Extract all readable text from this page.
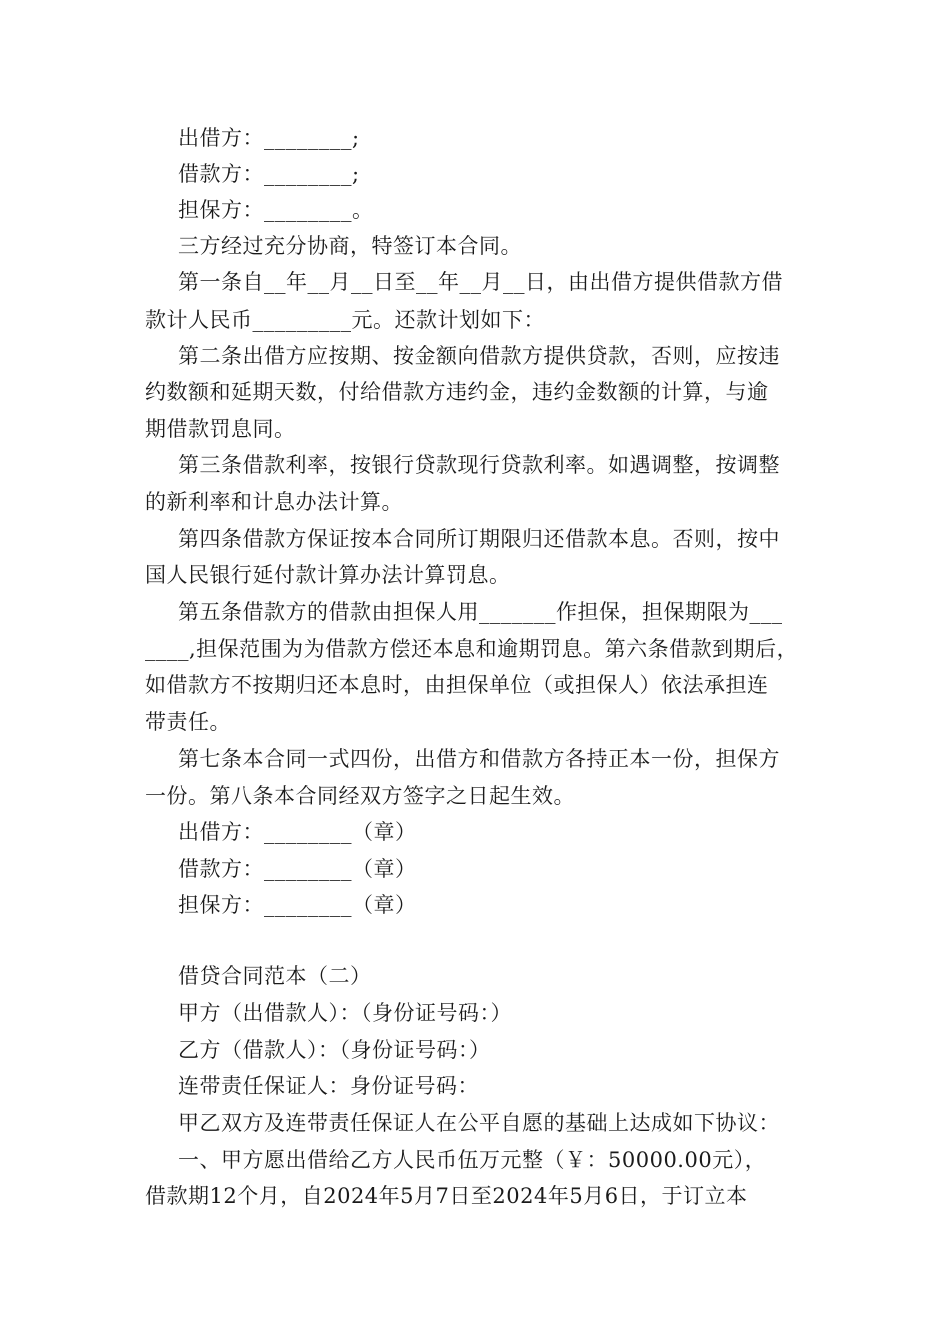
出借方：________;
借款方：________;
担保方：________。
三方经过充分协商，特签订本合同。
第一条自__年__月__日至__年__月__日，由出借方提供借款方借
款计人民币_________元。还款计划如下：
第二条出借方应按期、按金额向借款方提供贷款，否则，应按违
约数额和延期天数，付给借款方违约金，违约金数额的计算，与逾
期借款罚息同。
第三条借款利率，按银行贷款现行贷款利率。如遇调整，按调整
的新利率和计息办法计算。
第四条借款方保证按本合同所订期限归还借款本息。否则，按中
国人民银行延付款计算办法计算罚息。
第五条借款方的借款由担保人用_______作担保，担保期限为___
____,担保范围为为借款方偿还本息和逾期罚息。第六条借款到期后，
如借款方不按期归还本息时，由担保单位（或担保人）依法承担连
带责任。
第七条本合同一式四份，出借方和借款方各持正本一份，担保方
一份。第八条本合同经双方签字之日起生效。
出借方：________（章）
借款方：________（章）
担保方：________（章）
借贷合同范本（二）
甲方（出借款人）：（身份证号码：）
乙方（借款人）：（身份证号码：）
连带责任保证人：身份证号码：
甲乙双方及连带责任保证人在公平自愿的基础上达成如下协议：
一、甲方愿出借给乙方人民币伍万元整（￥：50000.00元），
借款期12个月，自2024年5月7日至2024年5月6日，于订立本
